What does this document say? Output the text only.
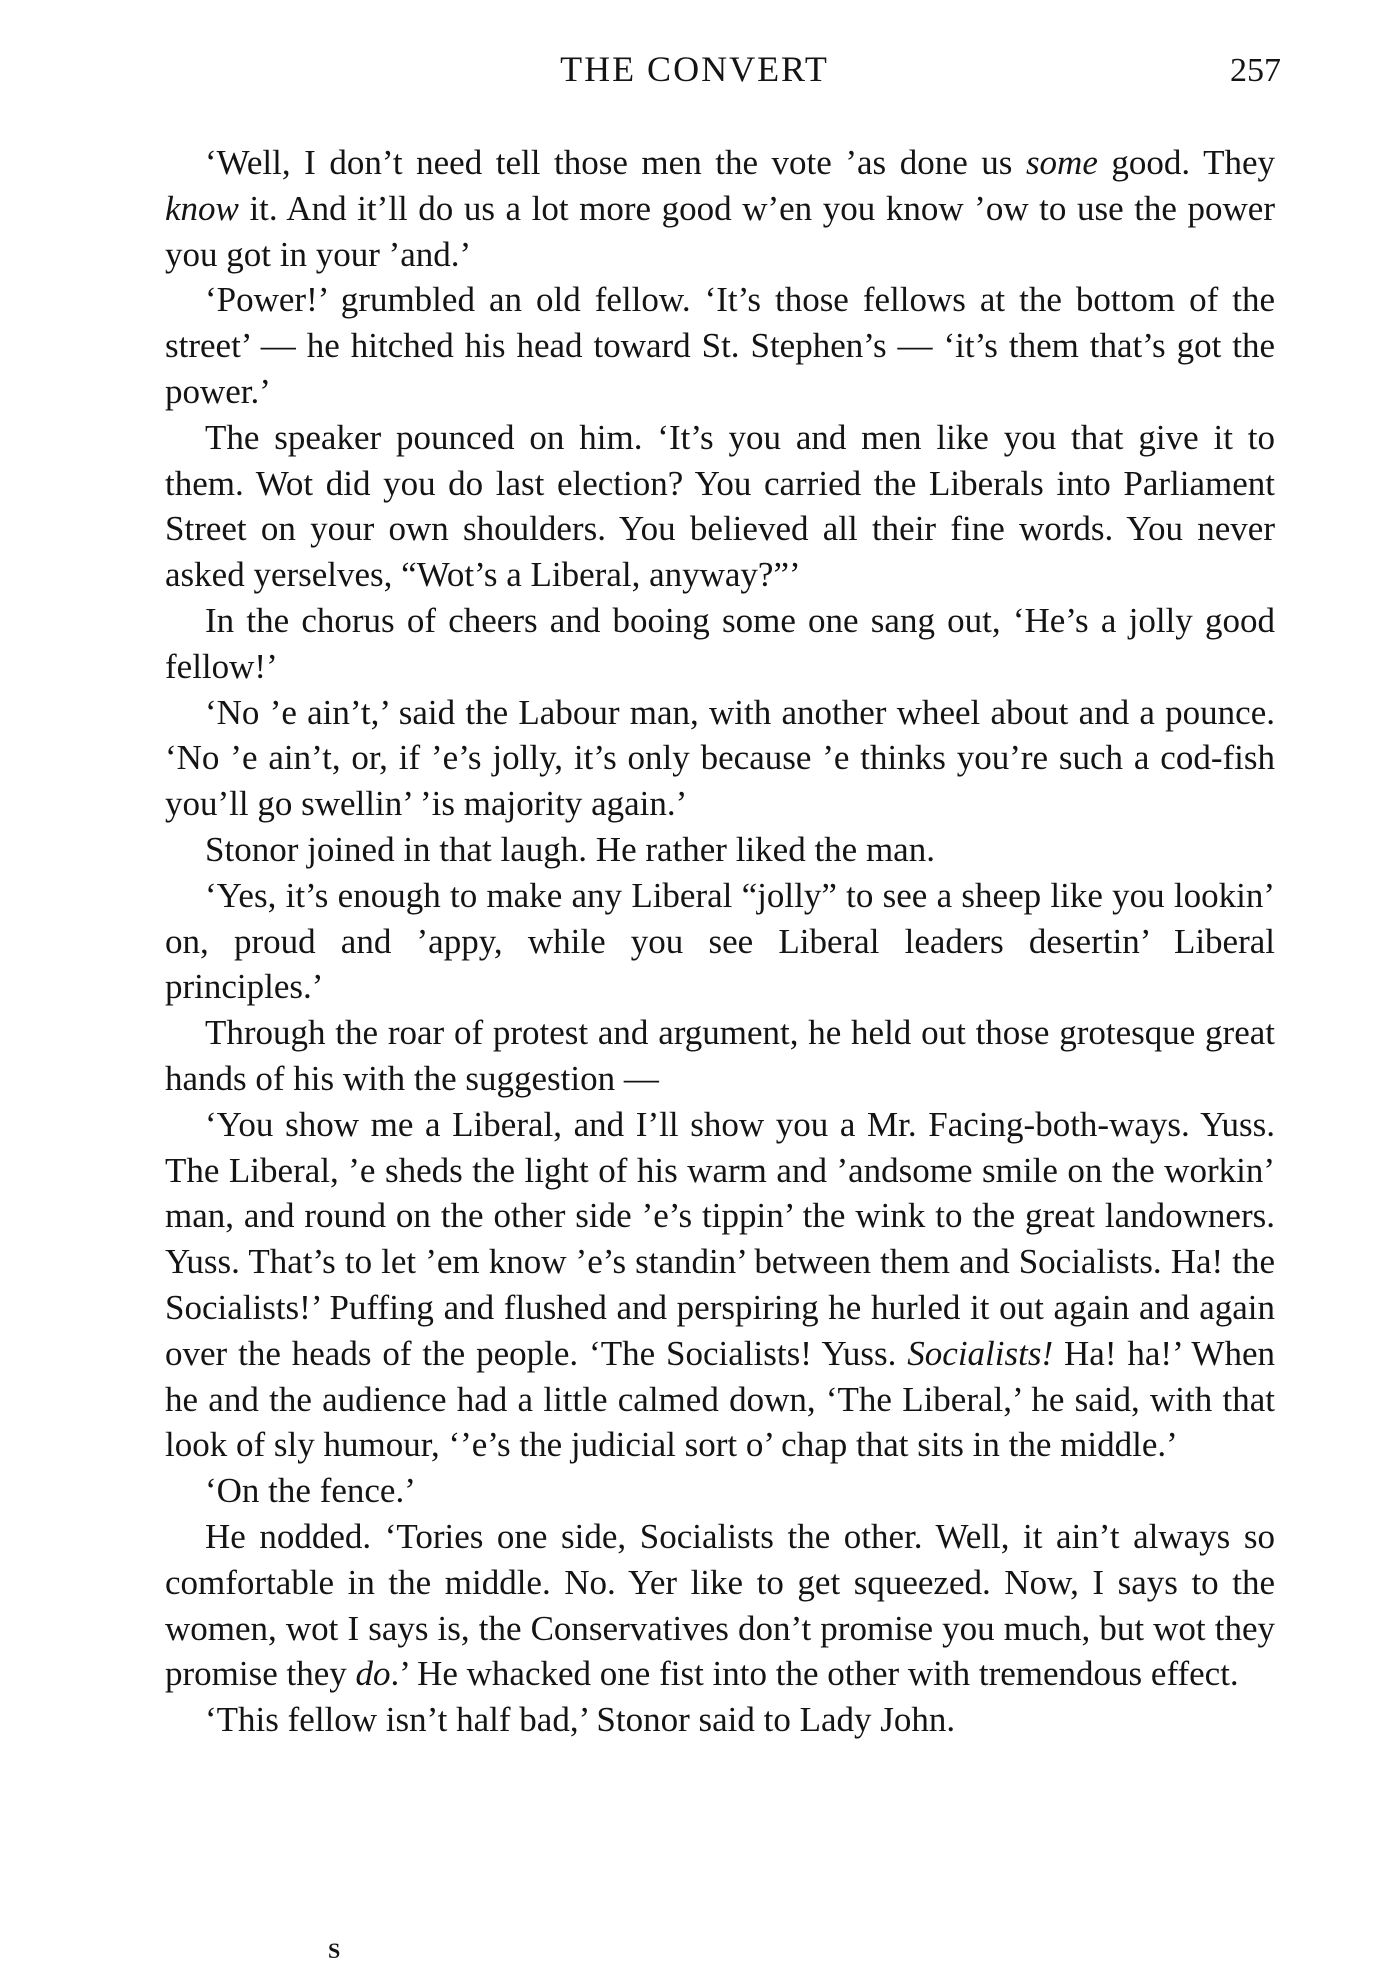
THE CONVERT	257

‘Well, I don’t need tell those men the vote ’as done us some good. They know it. And it’ll do us a lot more good w’en you know ’ow to use the power you got in your ’and.’

‘Power!’ grumbled an old fellow. ‘It’s those fellows at the bottom of the street’ — he hitched his head toward St. Stephen’s — ‘it’s them that’s got the power.’

The speaker pounced on him. ‘It’s you and men like you that give it to them. Wot did you do last election? You carried the Liberals into Parliament Street on your own shoulders. You believed all their fine words. You never asked yerselves, “Wot’s a Liberal, anyway?”’

In the chorus of cheers and booing some one sang out, ‘He’s a jolly good fellow!’

‘No ’e ain’t,’ said the Labour man, with another wheel about and a pounce. ‘No ’e ain’t, or, if ’e’s jolly, it’s only because ’e thinks you’re such a cod-fish you’ll go swellin’ ’is majority again.’

Stonor joined in that laugh. He rather liked the man.

‘Yes, it’s enough to make any Liberal “jolly” to see a sheep like you lookin’ on, proud and ’appy, while you see Liberal leaders desertin’ Liberal principles.’

Through the roar of protest and argument, he held out those grotesque great hands of his with the suggestion —

‘You show me a Liberal, and I’ll show you a Mr. Facing-both-ways. Yuss. The Liberal, ’e sheds the light of his warm and ’andsome smile on the workin’ man, and round on the other side ’e’s tippin’ the wink to the great landowners. Yuss. That’s to let ’em know ’e’s standin’ between them and Socialists. Ha! the Socialists!’ Puffing and flushed and perspiring he hurled it out again and again over the heads of the people. ‘The Socialists! Yuss. Socialists! Ha! ha!’ When he and the audience had a little calmed down, ‘The Liberal,’ he said, with that look of sly humour, ‘’e’s the judicial sort o’ chap that sits in the middle.’

‘On the fence.’

He nodded. ‘Tories one side, Socialists the other. Well, it ain’t always so comfortable in the middle. No. Yer like to get squeezed. Now, I says to the women, wot I says is, the Conservatives don’t promise you much, but wot they promise they do.’ He whacked one fist into the other with tremendous effect.

‘This fellow isn’t half bad,’ Stonor said to Lady John.

S
